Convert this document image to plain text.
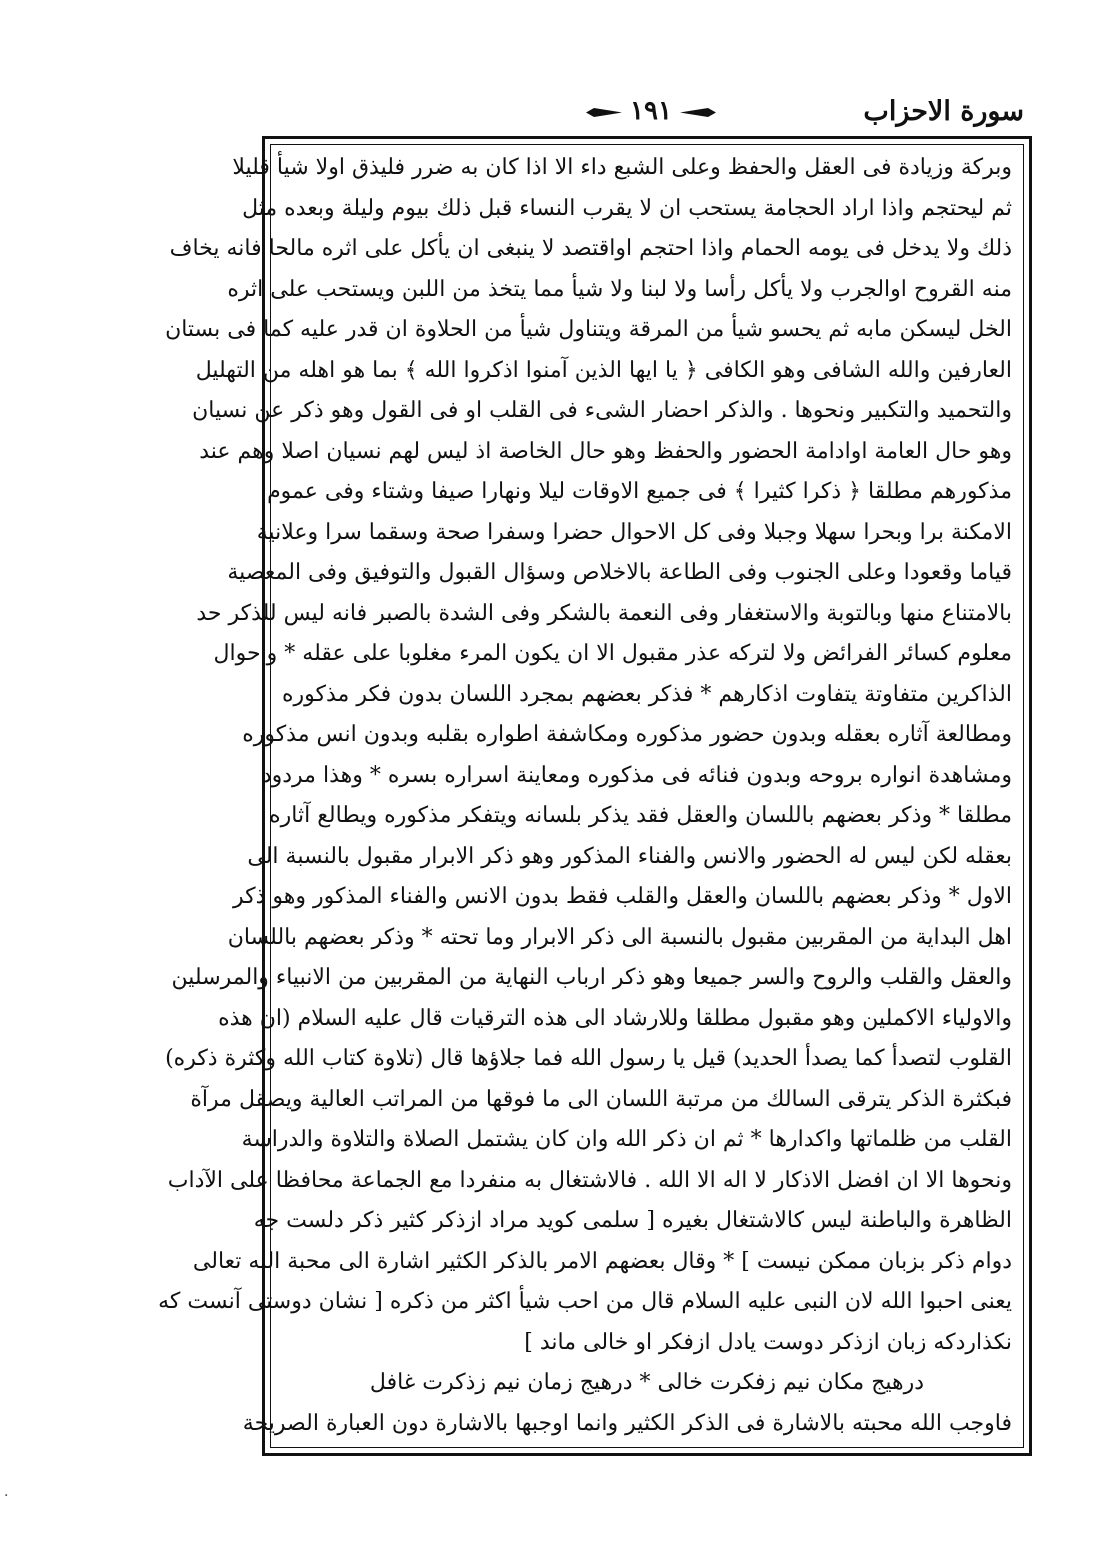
سورة الاحزاب
١٩١
وبركة وزيادة فى العقل والحفظ وعلى الشبع داء الا اذا كان به ضرر فليذق اولا شيأ قليلا
ثم ليحتجم واذا اراد الحجامة يستحب ان لا يقرب النساء قبل ذلك بيوم وليلة وبعده مثل
ذلك ولا يدخل فى يومه الحمام واذا احتجم اواقتصد لا ينبغى ان يأكل على اثره مالحا فانه يخاف
منه القروح اوالجرب ولا يأكل رأسا ولا لبنا ولا شيأ مما يتخذ من اللبن ويستحب على اثره
الخل ليسكن مابه ثم يحسو شيأ من المرقة ويتناول شيأ من الحلاوة ان قدر عليه كما فى بستان
العارفين والله الشافى وهو الكافى ﴿ يا ايها الذين آمنوا اذكروا الله ﴾ بما هو اهله من التهليل
والتحميد والتكبير ونحوها . والذكر احضار الشىء فى القلب او فى القول وهو ذكر عن نسيان
وهو حال العامة اوادامة الحضور والحفظ وهو حال الخاصة اذ ليس لهم نسيان اصلا وهم عند
مذكورهم مطلقا ﴿ ذكرا كثيرا ﴾ فى جميع الاوقات ليلا ونهارا صيفا وشتاء وفى عموم
الامكنة برا وبحرا سهلا وجبلا وفى كل الاحوال حضرا وسفرا صحة وسقما سرا وعلانية
قياما وقعودا وعلى الجنوب وفى الطاعة بالاخلاص وسؤال القبول والتوفيق وفى المعصية
بالامتناع منها وبالتوبة والاستغفار وفى النعمة بالشكر وفى الشدة بالصبر فانه ليس للذكر حد
معلوم كسائر الفرائض ولا لتركه عذر مقبول الا ان يكون المرء مغلوبا على عقله * واحوال
الذاكرين متفاوتة يتفاوت اذكارهم * فذكر بعضهم بمجرد اللسان بدون فكر مذكوره
ومطالعة آثاره بعقله وبدون حضور مذكوره ومكاشفة اطواره بقلبه وبدون انس مذكوره
ومشاهدة انواره بروحه وبدون فنائه فى مذكوره ومعاينة اسراره بسره * وهذا مردود
مطلقا * وذكر بعضهم باللسان والعقل فقد يذكر بلسانه ويتفكر مذكوره ويطالع آثاره
بعقله لكن ليس له الحضور والانس والفناء المذكور وهو ذكر الابرار مقبول بالنسبة الى
الاول * وذكر بعضهم باللسان والعقل والقلب فقط بدون الانس والفناء المذكور وهو ذكر
اهل البداية من المقربين مقبول بالنسبة الى ذكر الابرار وما تحته * وذكر بعضهم باللسان
والعقل والقلب والروح والسر جميعا وهو ذكر ارباب النهاية من المقربين من الانبياء والمرسلين
والاولياء الاكملين وهو مقبول مطلقا وللارشاد الى هذه الترقيات قال عليه السلام (ان هذه
القلوب لتصدأ كما يصدأ الحديد) قيل يا رسول الله فما جلاؤها قال (تلاوة كتاب الله وكثرة ذكره)
فبكثرة الذكر يترقى السالك من مرتبة اللسان الى ما فوقها من المراتب العالية ويصقل مرآة
القلب من ظلماتها واكدارها * ثم ان ذكر الله وان كان يشتمل الصلاة والتلاوة والدراسة
ونحوها الا ان افضل الاذكار لا اله الا الله . فالاشتغال به منفردا مع الجماعة محافظا على الآداب
الظاهرة والباطنة ليس كالاشتغال بغيره [ سلمى كويد مراد ازذكر كثير ذكر دلست جه
دوام ذكر بزبان ممكن نيست ] * وقال بعضهم الامر بالذكر الكثير اشارة الى محبة الله تعالى
يعنى احبوا الله لان النبى عليه السلام قال من احب شيأ اكثر من ذكره [ نشان دوستى آنست كه
نكذاردكه زبان ازذكر دوست يادل ازفكر او خالى ماند ]
درهيج مكان نيم زفكرت خالى * درهيج زمان نيم زذكرت غافل
فاوجب الله محبته بالاشارة فى الذكر الكثير وانما اوجبها بالاشارة دون العبارة الصريحة
·
